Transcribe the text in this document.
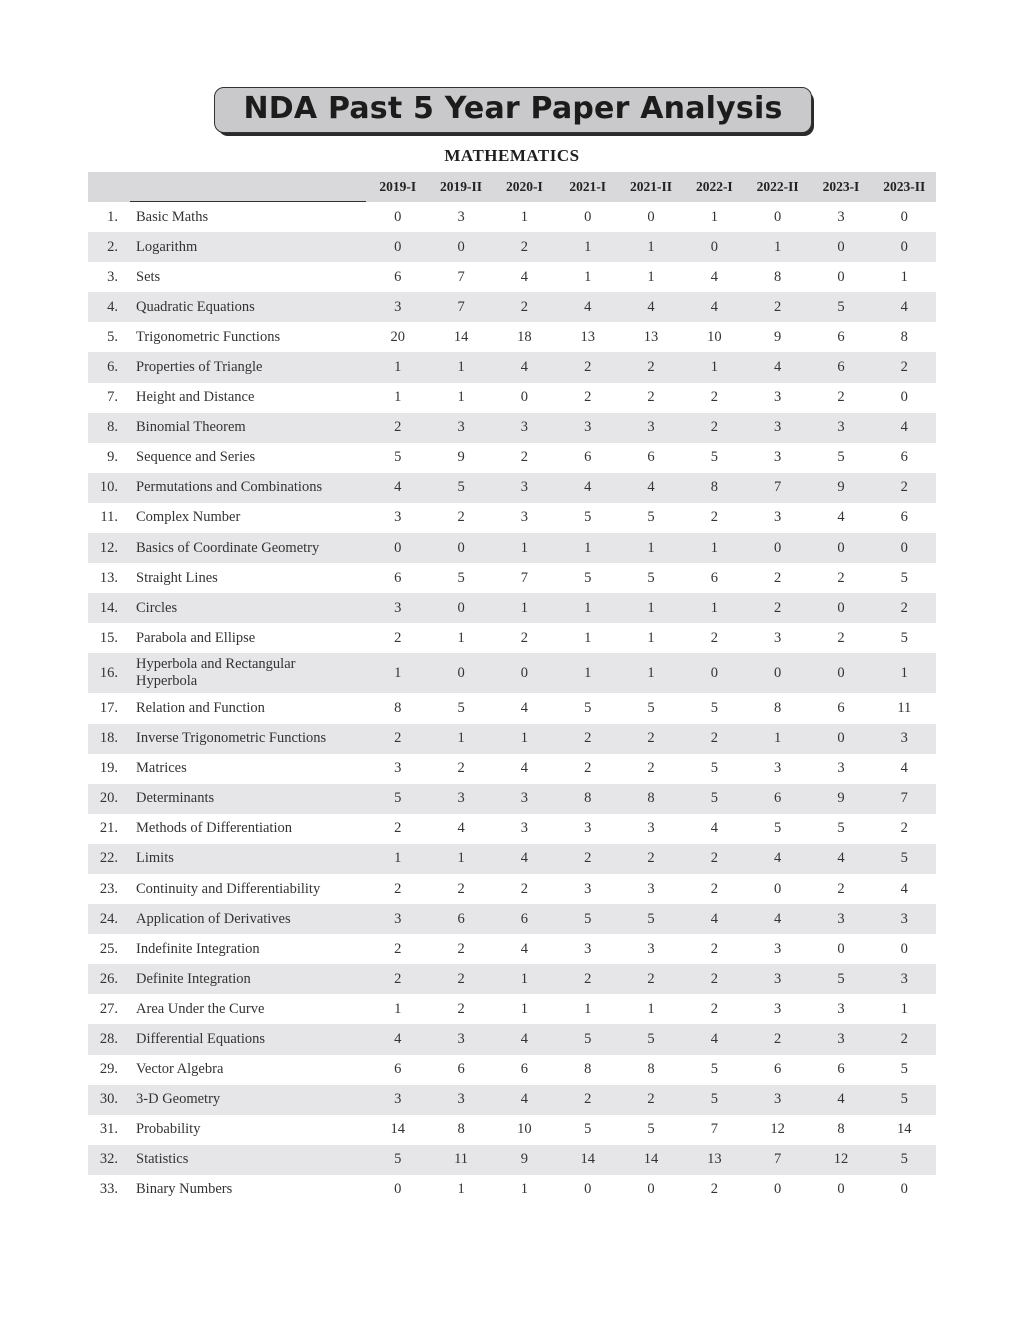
NDA Past 5 Year Paper Analysis
MATHEMATICS

	2019-I	2019-II	2020-I	2021-I	2021-II	2022-I	2022-II	2023-I	2023-II
1.	Basic Maths	0	3	1	0	0	1	0	3	0
2.	Logarithm	0	0	2	1	1	0	1	0	0
3.	Sets	6	7	4	1	1	4	8	0	1
4.	Quadratic Equations	3	7	2	4	4	4	2	5	4
5.	Trigonometric Functions	20	14	18	13	13	10	9	6	8
6.	Properties of Triangle	1	1	4	2	2	1	4	6	2
7.	Height and Distance	1	1	0	2	2	2	3	2	0
8.	Binomial Theorem	2	3	3	3	3	2	3	3	4
9.	Sequence and Series	5	9	2	6	6	5	3	5	6
10.	Permutations and Combinations	4	5	3	4	4	8	7	9	2
11.	Complex Number	3	2	3	5	5	2	3	4	6
12.	Basics of Coordinate Geometry	0	0	1	1	1	1	0	0	0
13.	Straight Lines	6	5	7	5	5	6	2	2	5
14.	Circles	3	0	1	1	1	1	2	0	2
15.	Parabola and Ellipse	2	1	2	1	1	2	3	2	5
16.	Hyperbola and Rectangular Hyperbola	1	0	0	1	1	0	0	0	1
17.	Relation and Function	8	5	4	5	5	5	8	6	11
18.	Inverse Trigonometric Functions	2	1	1	2	2	2	1	0	3
19.	Matrices	3	2	4	2	2	5	3	3	4
20.	Determinants	5	3	3	8	8	5	6	9	7
21.	Methods of Differentiation	2	4	3	3	3	4	5	5	2
22.	Limits	1	1	4	2	2	2	4	4	5
23.	Continuity and Differentiability	2	2	2	3	3	2	0	2	4
24.	Application of Derivatives	3	6	6	5	5	4	4	3	3
25.	Indefinite Integration	2	2	4	3	3	2	3	0	0
26.	Definite Integration	2	2	1	2	2	2	3	5	3
27.	Area Under the Curve	1	2	1	1	1	2	3	3	1
28.	Differential Equations	4	3	4	5	5	4	2	3	2
29.	Vector Algebra	6	6	6	8	8	5	6	6	5
30.	3-D Geometry	3	3	4	2	2	5	3	4	5
31.	Probability	14	8	10	5	5	7	12	8	14
32.	Statistics	5	11	9	14	14	13	7	12	5
33.	Binary Numbers	0	1	1	0	0	2	0	0	0
